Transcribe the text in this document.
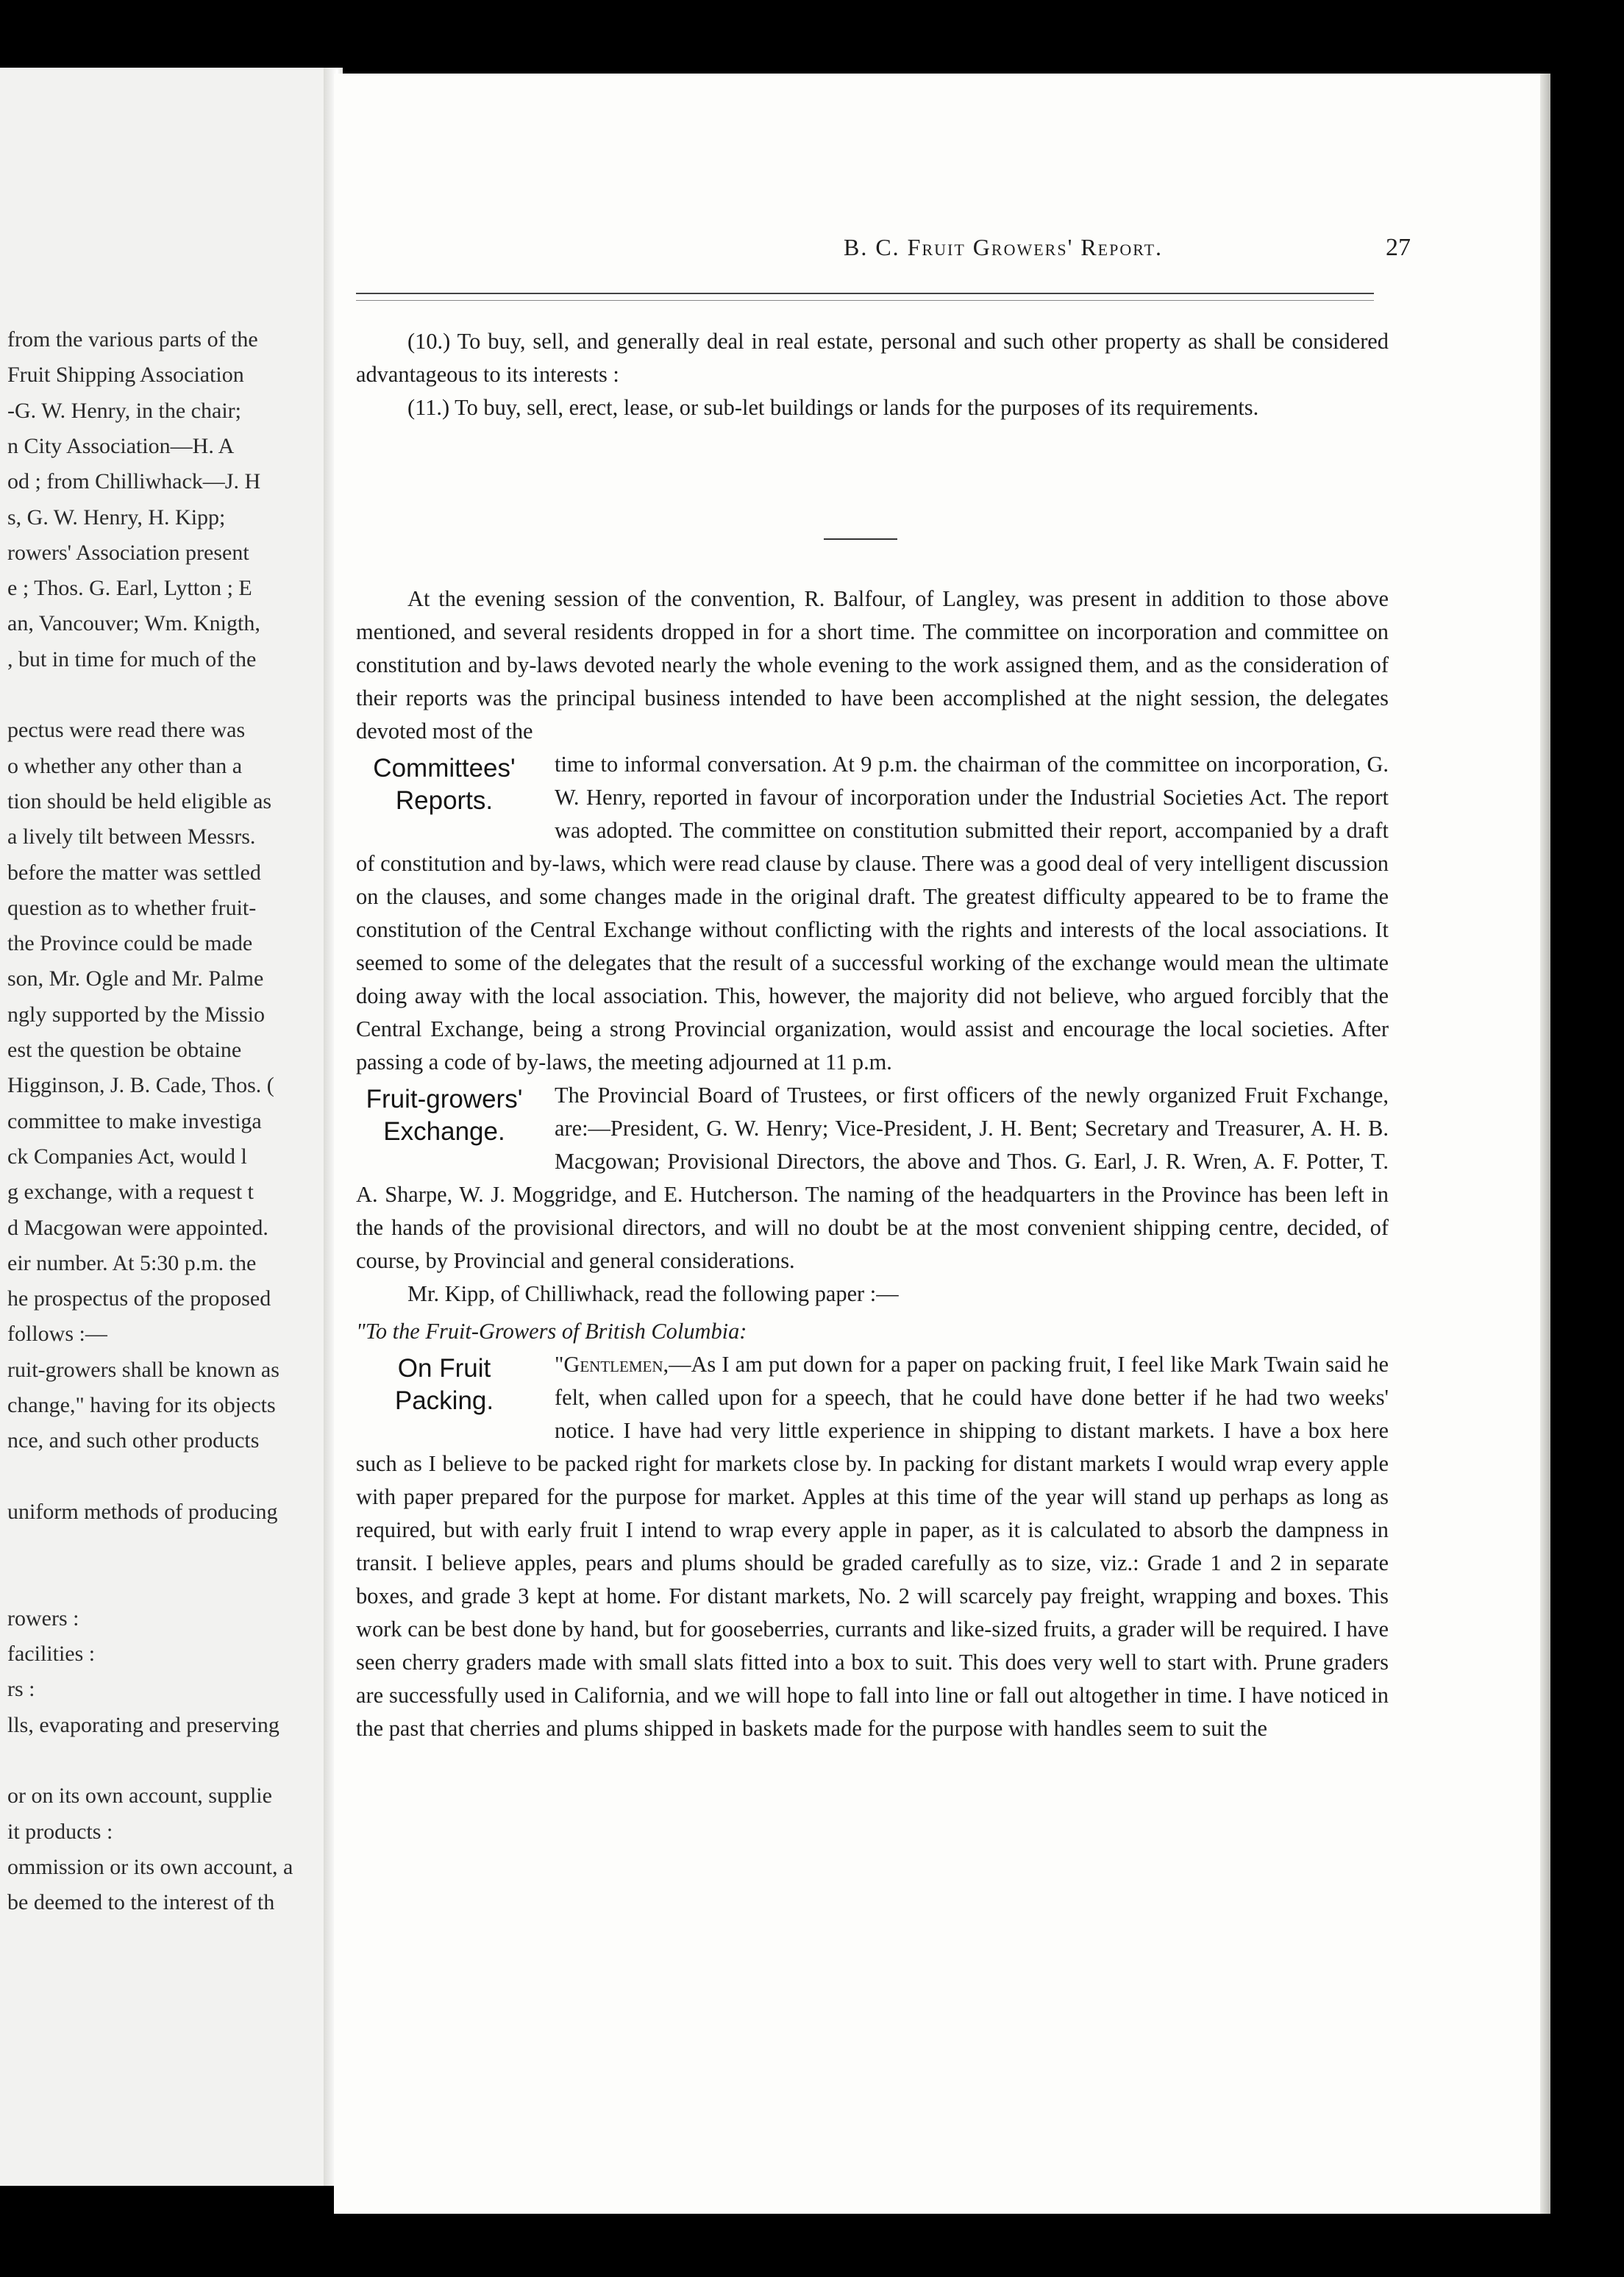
from the various parts of the
Fruit Shipping Association
-G. W. Henry, in the chair;
n City Association—H. A
od ; from Chilliwhack—J. H
s, G. W. Henry, H. Kipp;
rowers' Association present
e ; Thos. G. Earl, Lytton ; E
an, Vancouver; Wm. Knigth,
, but in time for much of the
pectus were read there was
o whether any other than a
tion should be held eligible as
a lively tilt between Messrs.
before the matter was settled
question as to whether fruit-
the Province could be made
son, Mr. Ogle and Mr. Palme
ngly supported by the Missio
est the question be obtaine
Higginson, J. B. Cade, Thos. (
committee to make investiga
ck Companies Act, would l
g exchange, with a request t
d Macgowan were appointed.
eir number. At 5:30 p.m. the
he prospectus of the proposed
follows :—
ruit-growers shall be known as
change," having for its objects
nce, and such other products
uniform methods of producing
rowers :
facilities :
rs :
lls, evaporating and preserving
or on its own account, supplie
it products :
ommission or its own account, a
be deemed to the interest of th
B. C. Fruit Growers' Report.	27

(10.) To buy, sell, and generally deal in real estate, personal and such other property as shall be considered advantageous to its interests :

(11.) To buy, sell, erect, lease, or sub-let buildings or lands for the purposes of its requirements.

At the evening session of the convention, R. Balfour, of Langley, was present in addition to those above mentioned, and several residents dropped in for a short time. The committee on incorporation and committee on constitution and by-laws devoted nearly the whole evening to the work assigned them, and as the consideration of their reports was the principal business intended to have been accomplished at the night session, the delegates devoted most of the

Committees' Reports.
time to informal conversation. At 9 p.m. the chairman of the committee on incorporation, G. W. Henry, reported in favour of incorporation under the Industrial Societies Act. The report was adopted. The committee on constitution submitted their report, accompanied by a draft of constitution and by-laws, which were read clause by clause. There was a good deal of very intelligent discussion on the clauses, and some changes made in the original draft. The greatest difficulty appeared to be to frame the constitution of the Central Exchange without conflicting with the rights and interests of the local associations. It seemed to some of the delegates that the result of a successful working of the exchange would mean the ultimate doing away with the local association. This, however, the majority did not believe, who argued forcibly that the Central Exchange, being a strong Provincial organization, would assist and encourage the local societies. After passing a code of by-laws, the meeting adjourned at 11 p.m.

Fruit-growers' Exchange.
The Provincial Board of Trustees, or first officers of the newly organized Fruit Fxchange, are:—President, G. W. Henry; Vice-President, J. H. Bent; Secretary and Treasurer, A. H. B. Macgowan; Provisional Directors, the above and Thos. G. Earl, J. R. Wren, A. F. Potter, T. A. Sharpe, W. J. Moggridge, and E. Hutcherson. The naming of the headquarters in the Province has been left in the hands of the provisional directors, and will no doubt be at the most convenient shipping centre, decided, of course, by Provincial and general considerations.

Mr. Kipp, of Chilliwhack, read the following paper :—

"To the Fruit-Growers of British Columbia:

On Fruit Packing.
"Gentlemen,—As I am put down for a paper on packing fruit, I feel like Mark Twain said he felt, when called upon for a speech, that he could have done better if he had two weeks' notice. I have had very little experience in shipping to distant markets. I have a box here such as I believe to be packed right for markets close by. In packing for distant markets I would wrap every apple with paper prepared for the purpose for market. Apples at this time of the year will stand up perhaps as long as required, but with early fruit I intend to wrap every apple in paper, as it is calculated to absorb the dampness in transit. I believe apples, pears and plums should be graded carefully as to size, viz.: Grade 1 and 2 in separate boxes, and grade 3 kept at home. For distant markets, No. 2 will scarcely pay freight, wrapping and boxes. This work can be best done by hand, but for gooseberries, currants and like-sized fruits, a grader will be required. I have seen cherry graders made with small slats fitted into a box to suit. This does very well to start with. Prune graders are successfully used in California, and we will hope to fall into line or fall out altogether in time. I have noticed in the past that cherries and plums shipped in baskets made for the purpose with handles seem to suit the
